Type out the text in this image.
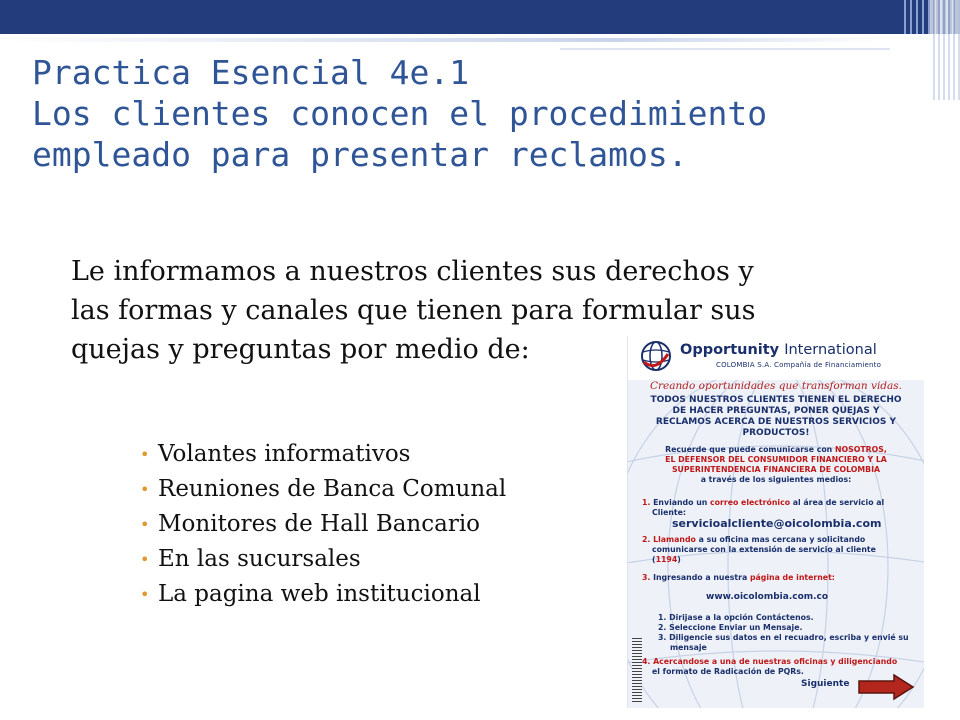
Practica Esencial 4e.1
Los clientes conocen el procedimiento
empleado para presentar reclamos.
Le informamos a nuestros clientes sus derechos y
las formas y canales que tienen para formular sus
quejas y preguntas por medio de:
• Volantes informativos
• Reuniones de Banca Comunal
• Monitores de Hall Bancario
• En las sucursales
• La pagina web institucional
Opportunity International
COLOMBIA S.A. Compañía de Financiamiento
Creando oportunidades que transforman vidas.
TODOS NUESTROS CLIENTES TIENEN EL DERECHO
DE HACER PREGUNTAS, PONER QUEJAS Y
RECLAMOS ACERCA DE NUESTROS SERVICIOS Y
PRODUCTOS!
Recuerde que puede comunicarse con NOSOTROS,
EL DEFENSOR DEL CONSUMIDOR FINANCIERO Y LA
SUPERINTENDENCIA FINANCIERA DE COLOMBIA
a través de los siguientes medios:
1. Enviando un correo electrónico al área de servicio al
Cliente:
servicioalcliente@oicolombia.com
2. Llamando a su oficina mas cercana y solicitando
comunicarse con la extensión de servicio al cliente
(1194)
3. Ingresando a nuestra página de internet:
www.oicolombia.com.co
1. Dirijase a la opción Contáctenos.
2. Seleccione Enviar un Mensaje.
3. Diligencie sus datos en el recuadro, escriba y envié su
mensaje
4. Acercandose a una de nuestras oficinas y diligenciando
el formato de Radicación de PQRs.
Siguiente
